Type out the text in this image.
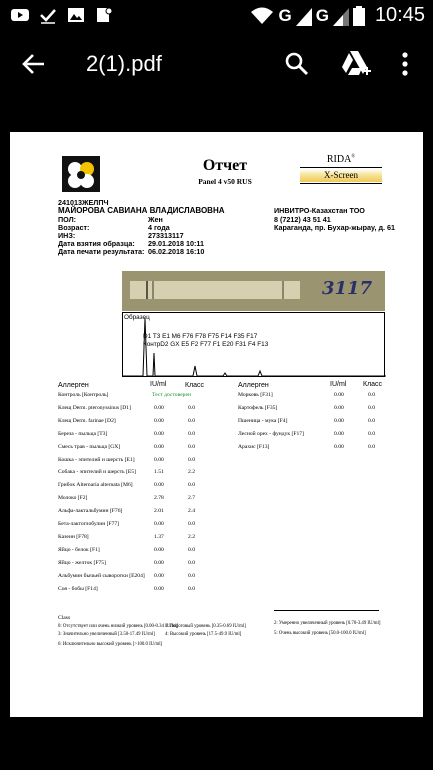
G G 10:45
2(1).pdf
Отчет
Panel 4 v50 RUS
RIDA®
X-Screen
241013ЖЕЛПЧ
МАЙОРОВА САВИАНА ВЛАДИСЛАВОВНА
ПОЛ:	Жен
Возраст:	4 года
ИНЗ:	273313117
Дата взятия образца: 29.01.2018 10:11
Дата печати результата: 06.02.2018 16:10
ИНВИТРО-Казахстан ТОО
8 (7212) 43 51 41
Караганда, пр. Бухар-жырау, д. 61
3117
Образец
D1 T3 E1 M6 F76 F78 F75 F14 F35 F17
КонтрD2 GX E5 F2 F77 F1 E20 F31 F4 F13
Аллерген	IU/ml	Класс	Аллерген	IU/ml Класс
Контроль [Контроль]	Тест достоверен
Клещ Derm. pteronyssinus [D1]	0.00	0.0
Клещ Derm. farinae [D2]	0.00	0.0
Береза - пыльца [T3]	0.00	0.0
Смесь трав - пыльца [GX]	0.00	0.0
Кошка - эпителий и шерсть [E1]	0.00	0.0
Собака - эпителий и шерсть [E5]	1.51	2.2
Грибок Alternaria alternata [M6]	0.00	0.0
Молоко [F2]	2.78	2.7
Альфа-лактальбумин [F76]	2.01	2.4
Бета-лактоглобулин [F77]	0.00	0.0
Казеин [F78]	1.37	2.2
Яйцо - белок [F1]	0.00	0.0
Яйцо - желток [F75]	0.00	0.0
Альбумин бычьей сыворотки [E204] 0.00	0.0
Соя - бобы [F14]	0.00	0.0
Морковь [F31]	0.00	0.0
Картофель [F35]	0.00	0.0
Пшеница - мука [F4]	0.00	0.0
Лесной орех - фундук [F17]	0.00	0.0
Арахис [F13]	0.00	0.0
Class
0: Отсутствует или очень низкий уровень [0.00-0.34 IU/ml]
1: Пороговый уровень [0.35-0.69 IU/ml]
2: Умеренно увеличенный уровень [0.70-3.49 IU/ml]
3: Значительно увеличенный [3.50-17.49 IU/ml] 4: Высокий уровень [17.5-49.9 IU/ml]	5: Очень высокий уровень [50.0-100.0 IU/ml]
6: Исключительно высокий уровень [>100.0 IU/ml]
